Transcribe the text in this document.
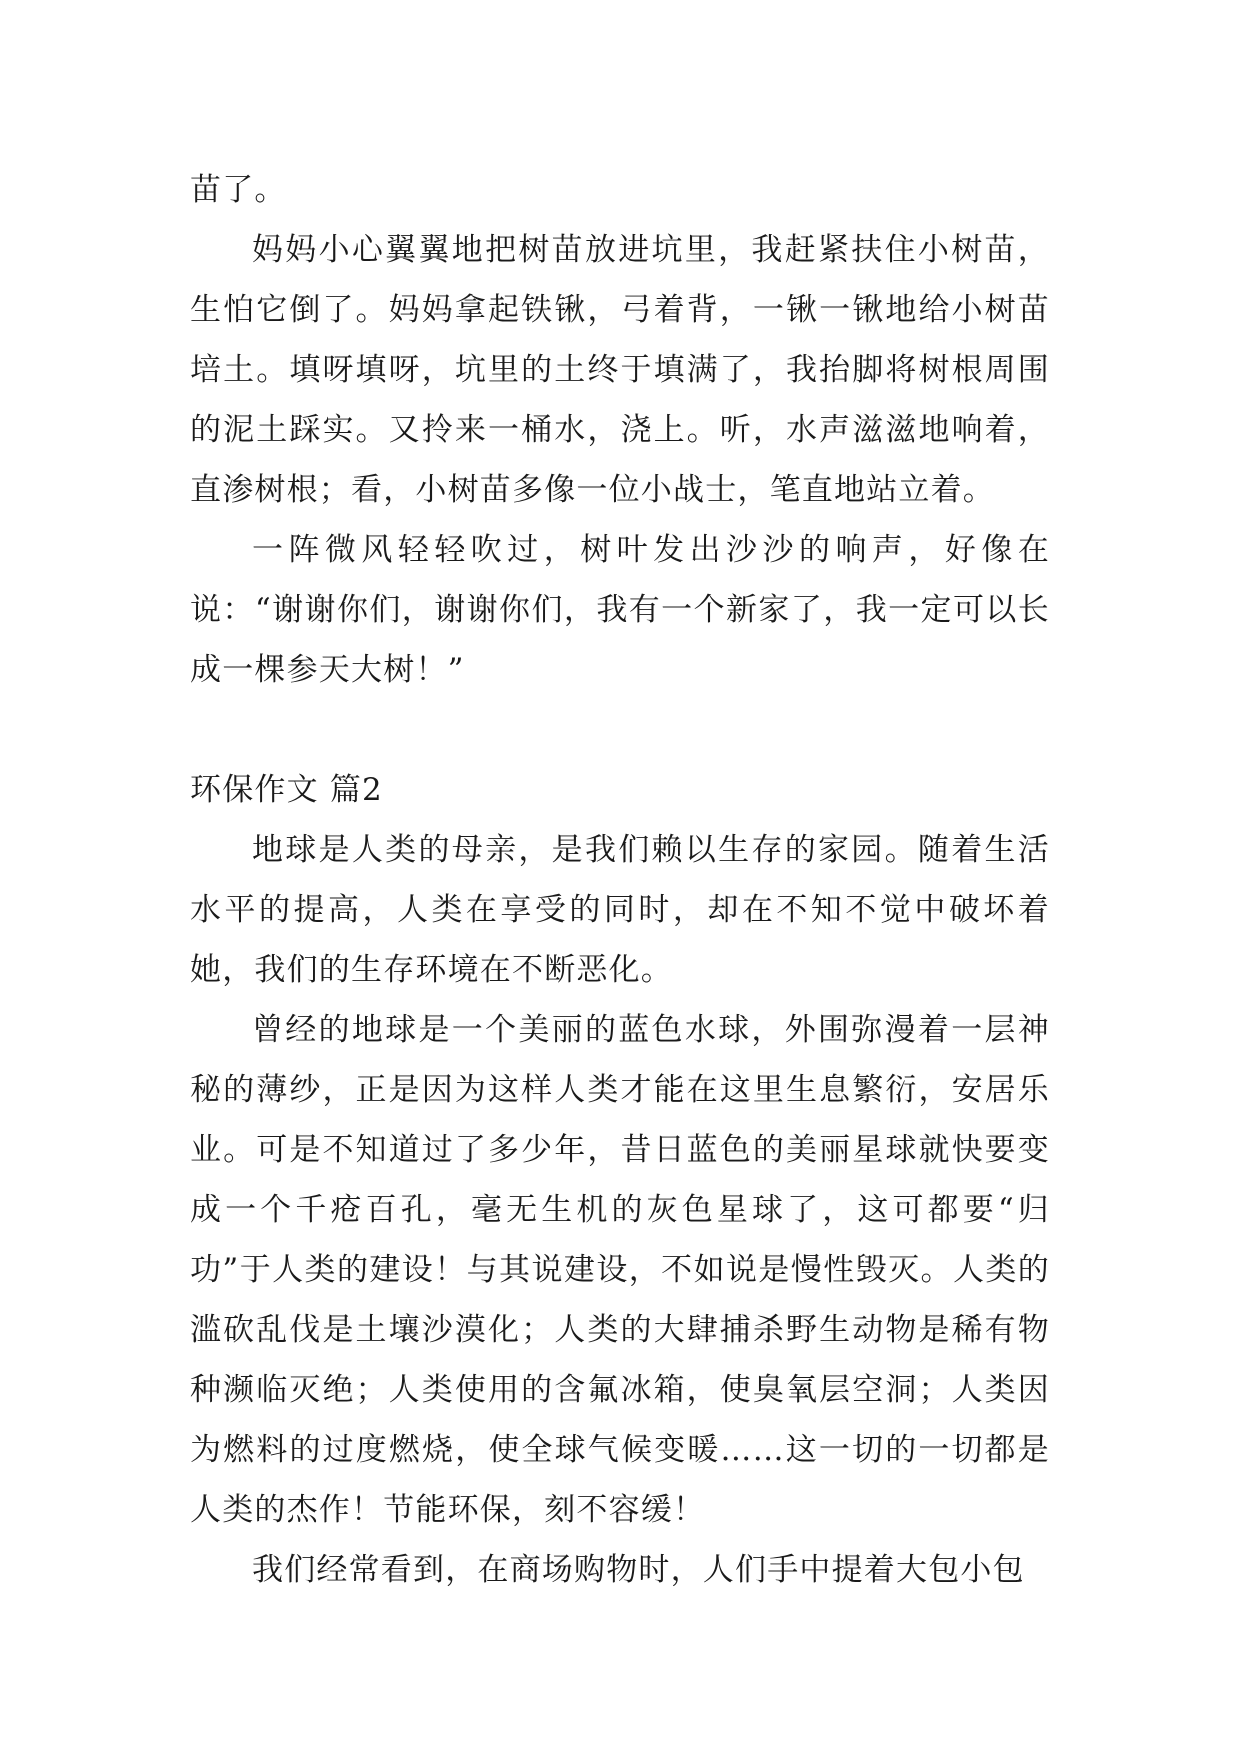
苗了。

妈妈小心翼翼地把树苗放进坑里，我赶紧扶住小树苗，生怕它倒了。妈妈拿起铁锹，弓着背，一锹一锹地给小树苗培土。填呀填呀，坑里的土终于填满了，我抬脚将树根周围的泥土踩实。又拎来一桶水，浇上。听，水声滋滋地响着，直渗树根；看，小树苗多像一位小战士，笔直地站立着。

一阵微风轻轻吹过，树叶发出沙沙的响声，好像在说：“谢谢你们，谢谢你们，我有一个新家了，我一定可以长成一棵参天大树！”

环保作文 篇2

地球是人类的母亲，是我们赖以生存的家园。随着生活水平的提高，人类在享受的同时，却在不知不觉中破坏着她，我们的生存环境在不断恶化。

曾经的地球是一个美丽的蓝色水球，外围弥漫着一层神秘的薄纱，正是因为这样人类才能在这里生息繁衍，安居乐业。可是不知道过了多少年，昔日蓝色的美丽星球就快要变成一个千疮百孔，毫无生机的灰色星球了，这可都要“归功”于人类的建设！与其说建设，不如说是慢性毁灭。人类的滥砍乱伐是土壤沙漠化；人类的大肆捕杀野生动物是稀有物种濒临灭绝；人类使用的含氟冰箱，使臭氧层空洞；人类因为燃料的过度燃烧，使全球气候变暖……这一切的一切都是人类的杰作！节能环保，刻不容缓！

我们经常看到，在商场购物时，人们手中提着大包小包
